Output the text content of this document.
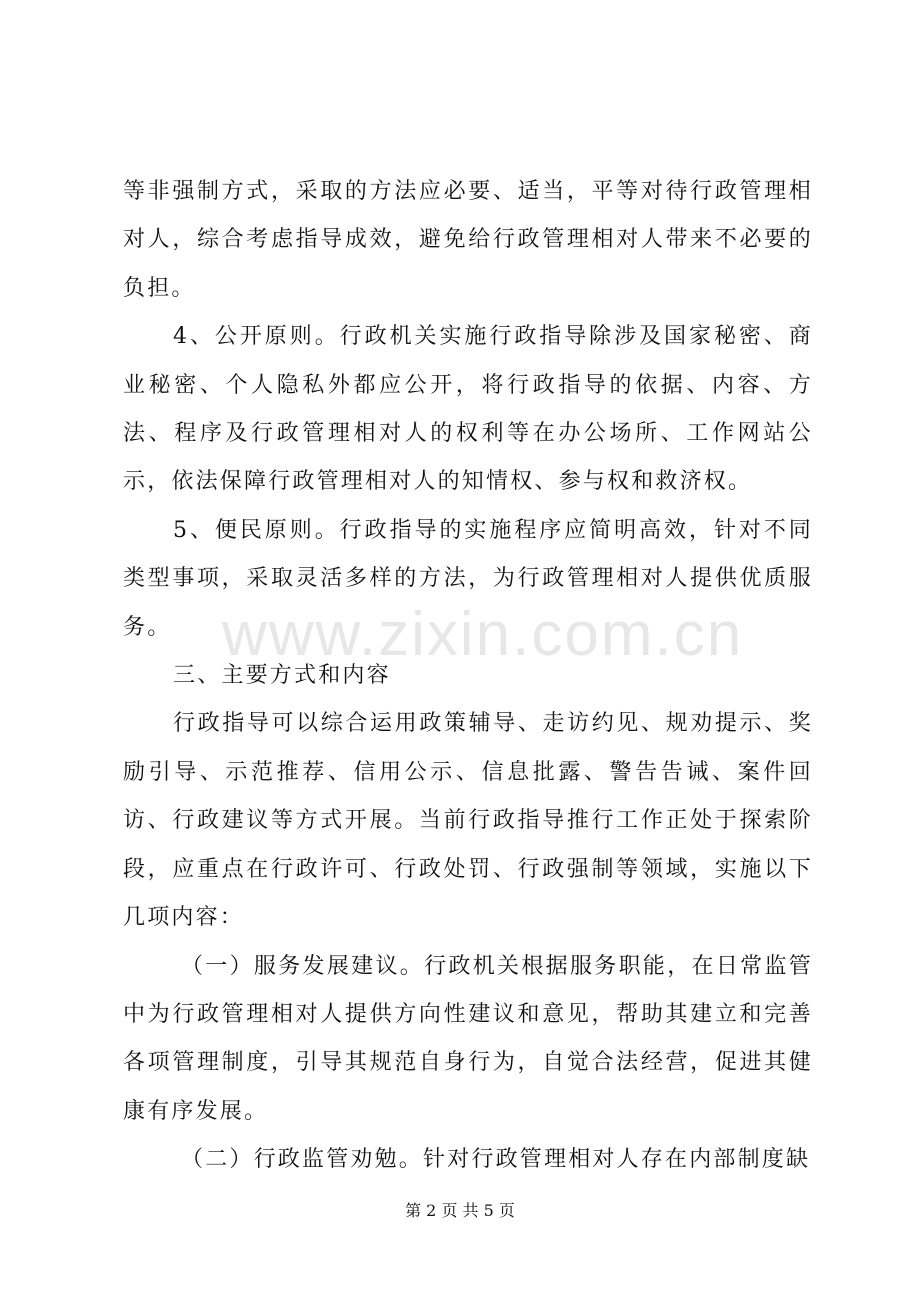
等非强制方式，采取的方法应必要、适当，平等对待行政管理相对人，综合考虑指导成效，避免给行政管理相对人带来不必要的负担。

4、公开原则。行政机关实施行政指导除涉及国家秘密、商业秘密、个人隐私外都应公开，将行政指导的依据、内容、方法、程序及行政管理相对人的权利等在办公场所、工作网站公示，依法保障行政管理相对人的知情权、参与权和救济权。

5、便民原则。行政指导的实施程序应简明高效，针对不同类型事项，采取灵活多样的方法，为行政管理相对人提供优质服务。

三、主要方式和内容

行政指导可以综合运用政策辅导、走访约见、规劝提示、奖励引导、示范推荐、信用公示、信息批露、警告告诫、案件回访、行政建议等方式开展。当前行政指导推行工作正处于探索阶段，应重点在行政许可、行政处罚、行政强制等领域，实施以下几项内容：

（一）服务发展建议。行政机关根据服务职能，在日常监管中为行政管理相对人提供方向性建议和意见，帮助其建立和完善各项管理制度，引导其规范自身行为，自觉合法经营，促进其健康有序发展。

（二）行政监管劝勉。针对行政管理相对人存在内部制度缺

www.zixin.com.cn
第 2 页 共 5 页
